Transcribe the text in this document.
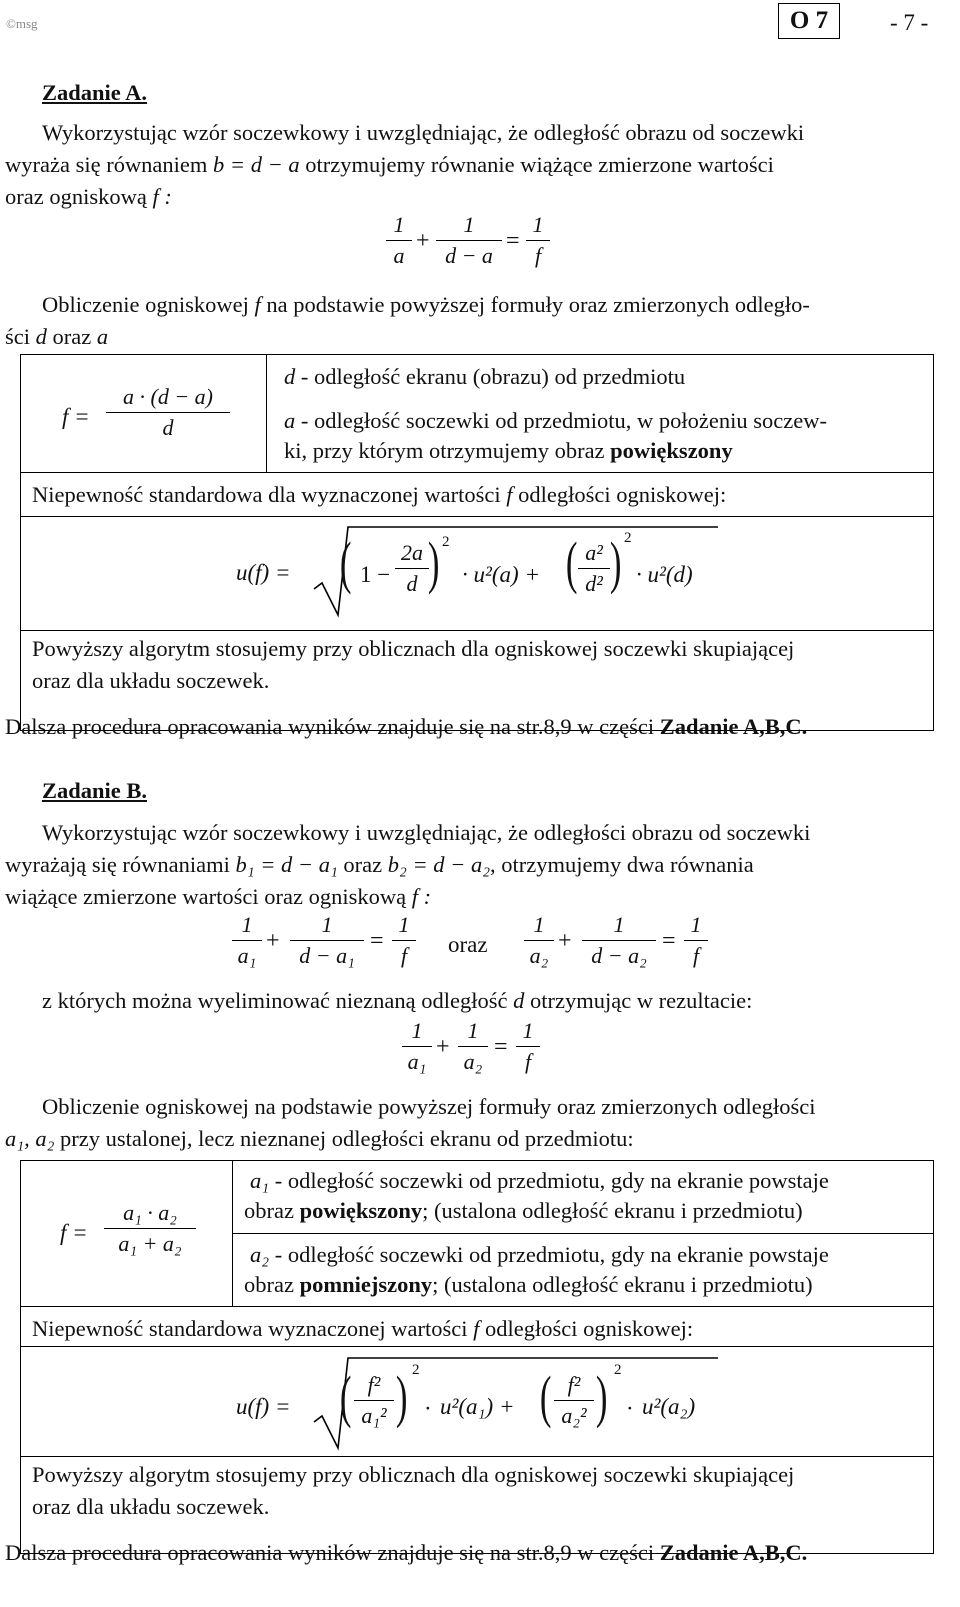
©msg	O 7	- 7 -
Zadanie A.
Wykorzystując wzór soczewkowy i uwzględniając, że odległość obrazu od soczewki
wyraża się równaniem b = d − a otrzymujemy równanie wiążące zmierzone wartości
oraz ogniskową f :
1
a
+
1
d − a
=
1
f
Obliczenie ogniskowej f na podstawie powyższej formuły oraz zmierzonych odległo-
ści d oraz a
f =
a · (d − a)
d
d - odległość ekranu (obrazu) od przedmiotu
a - odległość soczewki od przedmiotu, w położeniu soczew-
ki, przy którym otrzymujemy obraz powiększony
Niepewność standardowa dla wyznaczonej wartości f odległości ogniskowej:
u(f) = ( 1 −
2a
d ) 2
· u²(a) + ( a²
d² ) 2
· u²(d)
Powyższy algorytm stosujemy przy oblicznach dla ogniskowej soczewki skupiającej
oraz dla układu soczewek.
Dalsza procedura opracowania wyników znajduje się na str.8,9 w części Zadanie A,B,C.
Zadanie B.
Wykorzystując wzór soczewkowy i uwzględniając, że odległości obrazu od soczewki
wyrażają się równaniami b₁ = d − a₁ oraz b₂ = d − a₂, otrzymujemy dwa równania
wiążące zmierzone wartości oraz ogniskową f :
1
a₁
+
1
d − a₁
=
1
f	oraz
1
a₂
+
1
d − a₂
=
1
f
z których można wyeliminować nieznaną odległość d otrzymując w rezultacie:
1
a₁
+
1
a₂
=
1
f
Obliczenie ogniskowej na podstawie powyższej formuły oraz zmierzonych odległości
a₁, a₂ przy ustalonej, lecz nieznanej odległości ekranu od przedmiotu:
f =
a₁ · a₂
a₁ + a₂
a₁ - odległość soczewki od przedmiotu, gdy na ekranie powstaje
obraz powiększony; (ustalona odległość ekranu i przedmiotu)
a₂ - odległość soczewki od przedmiotu, gdy na ekranie powstaje
obraz pomniejszony; (ustalona odległość ekranu i przedmiotu)
Niepewność standardowa wyznaczonej wartości f odległości ogniskowej:
u(f) = ( f²
a₁² ) 2
· u²(a₁) + ( f²
a₂² ) 2
· u²(a₂)
Powyższy algorytm stosujemy przy oblicznach dla ogniskowej soczewki skupiającej
oraz dla układu soczewek.
Dalsza procedura opracowania wyników znajduje się na str.8,9 w części Zadanie A,B,C.
